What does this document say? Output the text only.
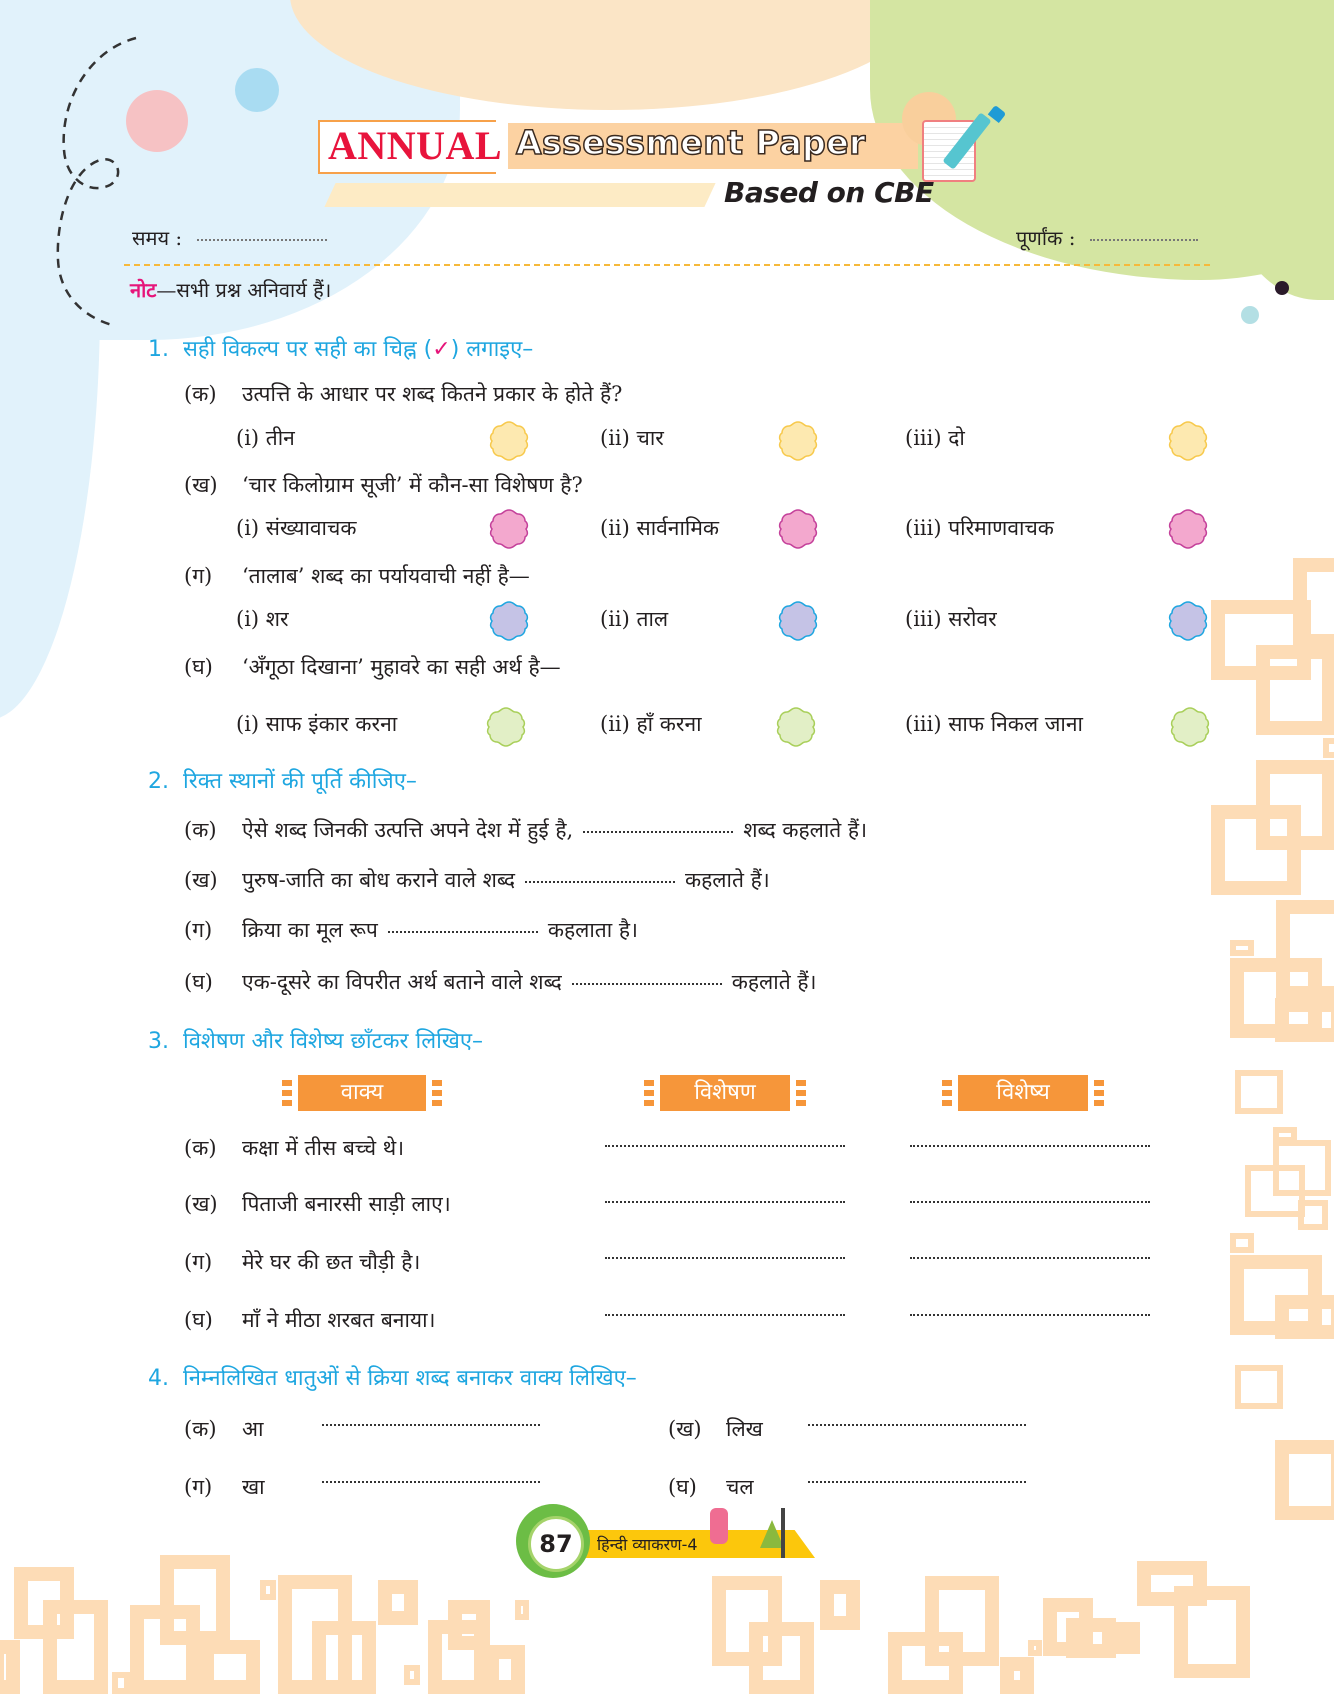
ANNUAL Assessment Paper
Based on CBE
समय :	पूर्णांक :
नोट—सभी प्रश्न अनिवार्य हैं।
1. सही विकल्प पर सही का चिह्न (✓) लगाइए–
(क) उत्पत्ति के आधार पर शब्द कितने प्रकार के होते हैं?
(i) तीन	(ii) चार	(iii) दो
(ख) ‘चार किलोग्राम सूजी’ में कौन-सा विशेषण है?
(i) संख्यावाचक	(ii) सार्वनामिक	(iii) परिमाणवाचक
(ग) ‘तालाब’ शब्द का पर्यायवाची नहीं है—
(i) शर	(ii) ताल	(iii) सरोवर
(घ) ‘अँगूठा दिखाना’ मुहावरे का सही अर्थ है—
(i) साफ इंकार करना	(ii) हाँ करना	(iii) साफ निकल जाना
2. रिक्त स्थानों की पूर्ति कीजिए–
(क) ऐसे शब्द जिनकी उत्पत्ति अपने देश में हुई है,	शब्द कहलाते हैं।
(ख) पुरुष-जाति का बोध कराने वाले शब्द	कहलाते हैं।
(ग) क्रिया का मूल रूप	कहलाता है।
(घ) एक-दूसरे का विपरीत अर्थ बताने वाले शब्द	कहलाते हैं।
3. विशेषण और विशेष्य छाँटकर लिखिए–
वाक्य	विशेषण	विशेष्य
(क) कक्षा में तीस बच्चे थे।
(ख) पिताजी बनारसी साड़ी लाए।
(ग) मेरे घर की छत चौड़ी है।
(घ) माँ ने मीठा शरबत बनाया।
4. निम्नलिखित धातुओं से क्रिया शब्द बनाकर वाक्य लिखिए–
(क) आ	(ख) लिख
(ग) खा	(घ) चल
हिन्दी व्याकरण-4
87
